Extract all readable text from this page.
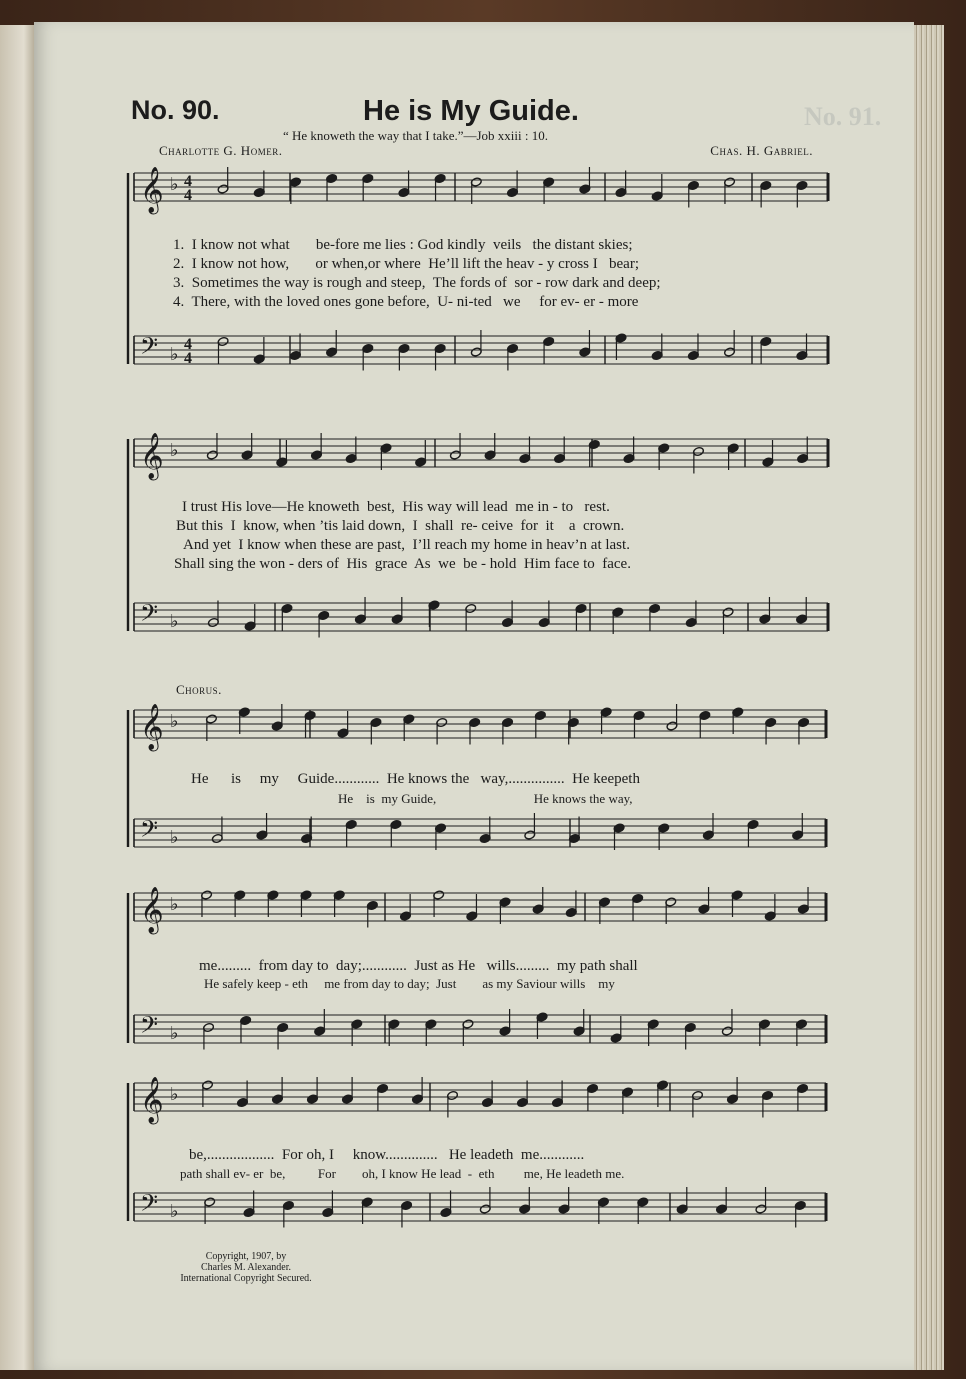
No. 91.
No. 90.	He is My Guide.
“ He knoweth the way that I take.”—Job xxiii : 10.
Charlotte G. Homer.	Chas. H. Gabriel.
𝄞 ♭ 4
4
𝄢 ♭ 4
4
𝄞 ♭
𝄢 ♭
𝄞 ♭
𝄢 ♭
𝄞 ♭
𝄢 ♭
𝄞 ♭
𝄢 ♭
1.  I know not what       be-fore me lies : God kindly  veils   the distant skies;
2.  I know not how,       or when,or where  He’ll lift the heav - y cross I   bear;
3.  Sometimes the way is rough and steep,  The fords of  sor - row dark and deep;
4.  There, with the loved ones gone before,  U- ni-ted   we     for ev- er - more
I trust His love—He knoweth  best,  His way will lead  me in - to   rest.
But this  I  know, when ’tis laid down,  I  shall  re- ceive  for  it    a  crown.
And yet  I know when these are past,  I’ll reach my home in heav’n at last.
Shall sing the won - ders of  His  grace  As  we  be - hold  Him face to  face.
Chorus.
He      is     my     Guide............  He knows the   way,...............  He keepeth
He    is  my Guide,                              He knows the way,
me.........  from day to  day;............  Just as He   wills.........  my path shall
He safely keep - eth     me from day to day;  Just        as my Saviour wills    my
be,..................  For oh, I     know..............   He leadeth  me............
path shall ev- er  be,          For        oh, I know He lead  -  eth         me, He leadeth me.
Copyright, 1907, by
Charles M. Alexander.
International Copyright Secured.
